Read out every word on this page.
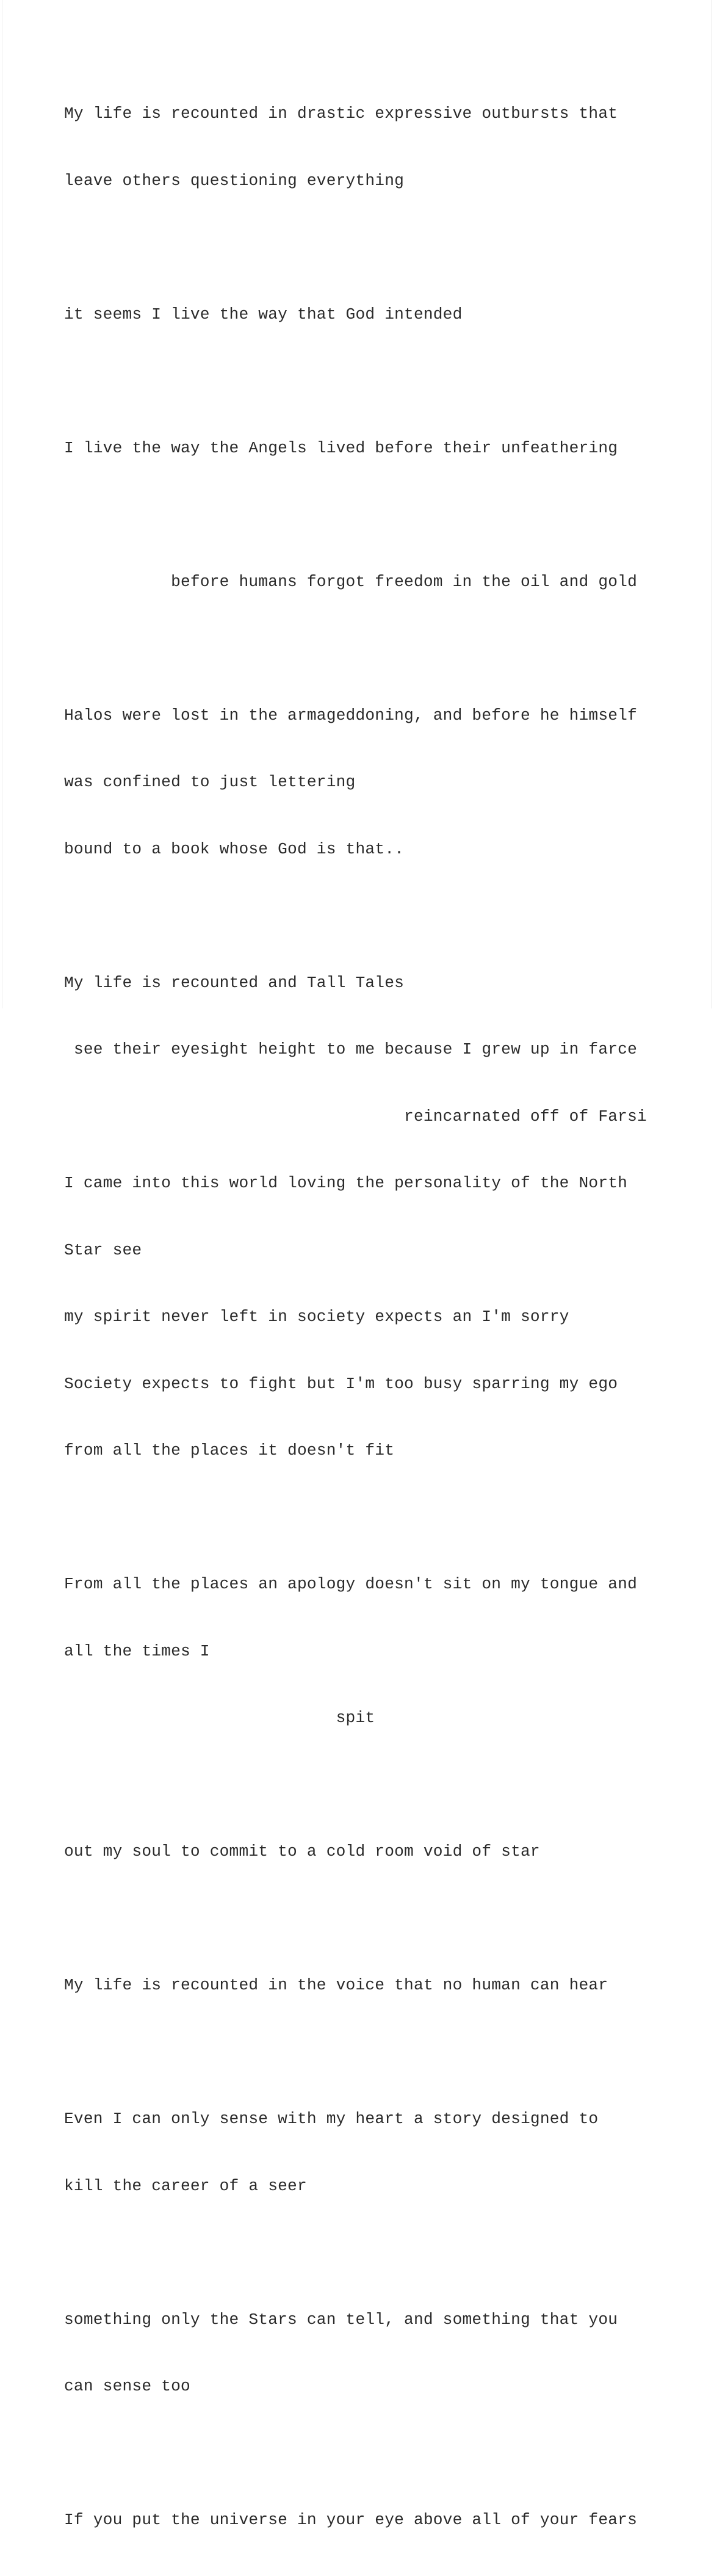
My life is recounted in drastic expressive outbursts that

leave others questioning everything

it seems I live the way that God intended

I live the way the Angels lived before their unfeathering

before humans forgot freedom in the oil and gold

Halos were lost in the armageddoning, and before he himself

was confined to just lettering

bound to a book whose God is that..

My life is recounted and Tall Tales

see their eyesight height to me because I grew up in farce

reincarnated off of Farsi

I came into this world loving the personality of the North

Star see

my spirit never left in society expects an I'm sorry

Society expects to fight but I'm too busy sparring my ego

from all the places it doesn't fit

From all the places an apology doesn't sit on my tongue and

all the times I

spit

out my soul to commit to a cold room void of star

My life is recounted in the voice that no human can hear

Even I can only sense with my heart a story designed to

kill the career of a seer

something only the Stars can tell, and something that you

can sense too

If you put the universe in your eye above all of your fears
